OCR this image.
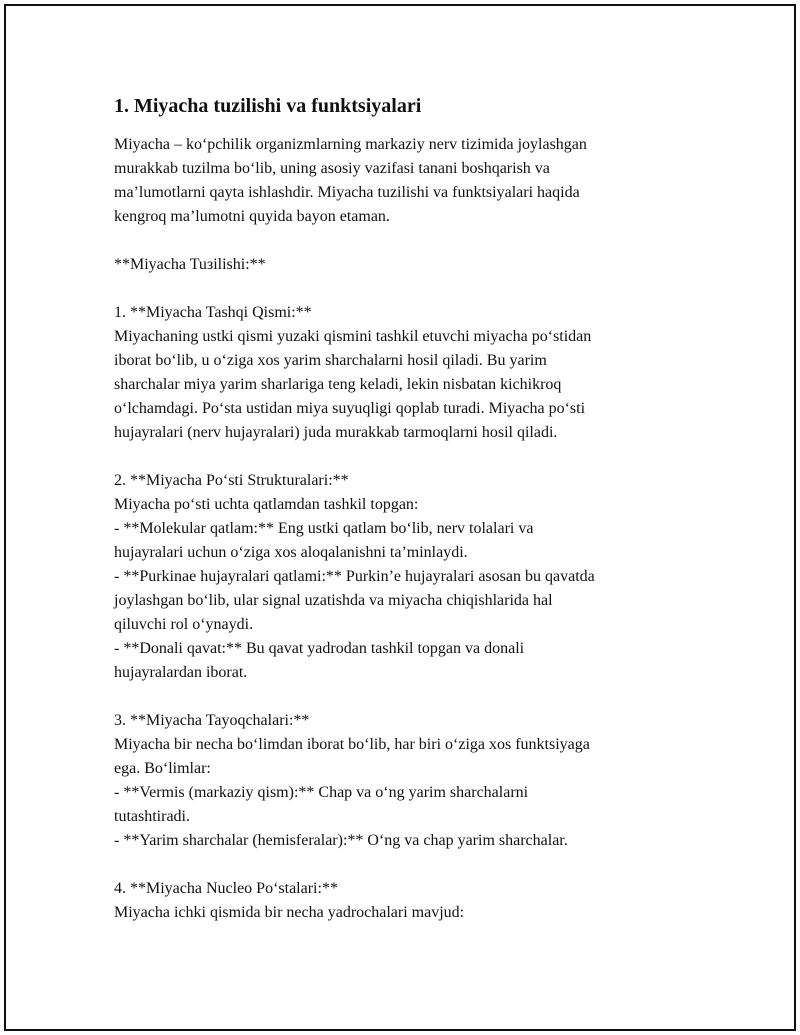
1. Miyacha tuzilishi va funktsiyalari

Miyacha – koʻpchilik organizmlarning markaziy nerv tizimida joylashgan
murakkab tuzilma boʻlib, uning asosiy vazifasi tanani boshqarish va
maʼlumotlarni qayta ishlashdir. Miyacha tuzilishi va funktsiyalari haqida
kengroq maʼlumotni quyida bayon etaman.

**Miyacha Tuзilishi:**

1. **Miyacha Tashqi Qismi:**

Miyachaning ustki qismi yuzaki qismini tashkil etuvchi miyacha poʻstidan
iborat boʻlib, u oʻziga xos yarim sharchalarni hosil qiladi. Bu yarim
sharchalar miya yarim sharlariga teng keladi, lekin nisbatan kichikroq
oʻlchamdagi. Poʻsta ustidan miya suyuqligi qoplab turadi. Miyacha poʻsti
hujayralari (nerv hujayralari) juda murakkab tarmoqlarni hosil qiladi.

2. **Miyacha Poʻsti Strukturalari:**

Miyacha poʻsti uchta qatlamdan tashkil topgan:
- **Molekular qatlam:** Eng ustki qatlam boʻlib, nerv tolalari va
hujayralari uchun oʻziga xos aloqalanishni taʼminlaydi.
- **Purkinae hujayralari qatlami:** Purkinʼe hujayralari asosan bu qavatda
joylashgan boʻlib, ular signal uzatishda va miyacha chiqishlarida hal
qiluvchi rol oʻynaydi.
- **Donali qavat:** Bu qavat yadrodan tashkil topgan va donali
hujayralardan iborat.

3. **Miyacha Tayoqchalari:**

Miyacha bir necha boʻlimdan iborat boʻlib, har biri oʻziga xos funktsiyaga
ega. Boʻlimlar:
- **Vermis (markaziy qism):** Chap va oʻng yarim sharchalarni
tutashtiradi.
- **Yarim sharchalar (hemisferalar):** Oʻng va chap yarim sharchalar.

4. **Miyacha Nucleo Poʻstalari:**

Miyacha ichki qismida bir necha yadrochalari mavjud:
